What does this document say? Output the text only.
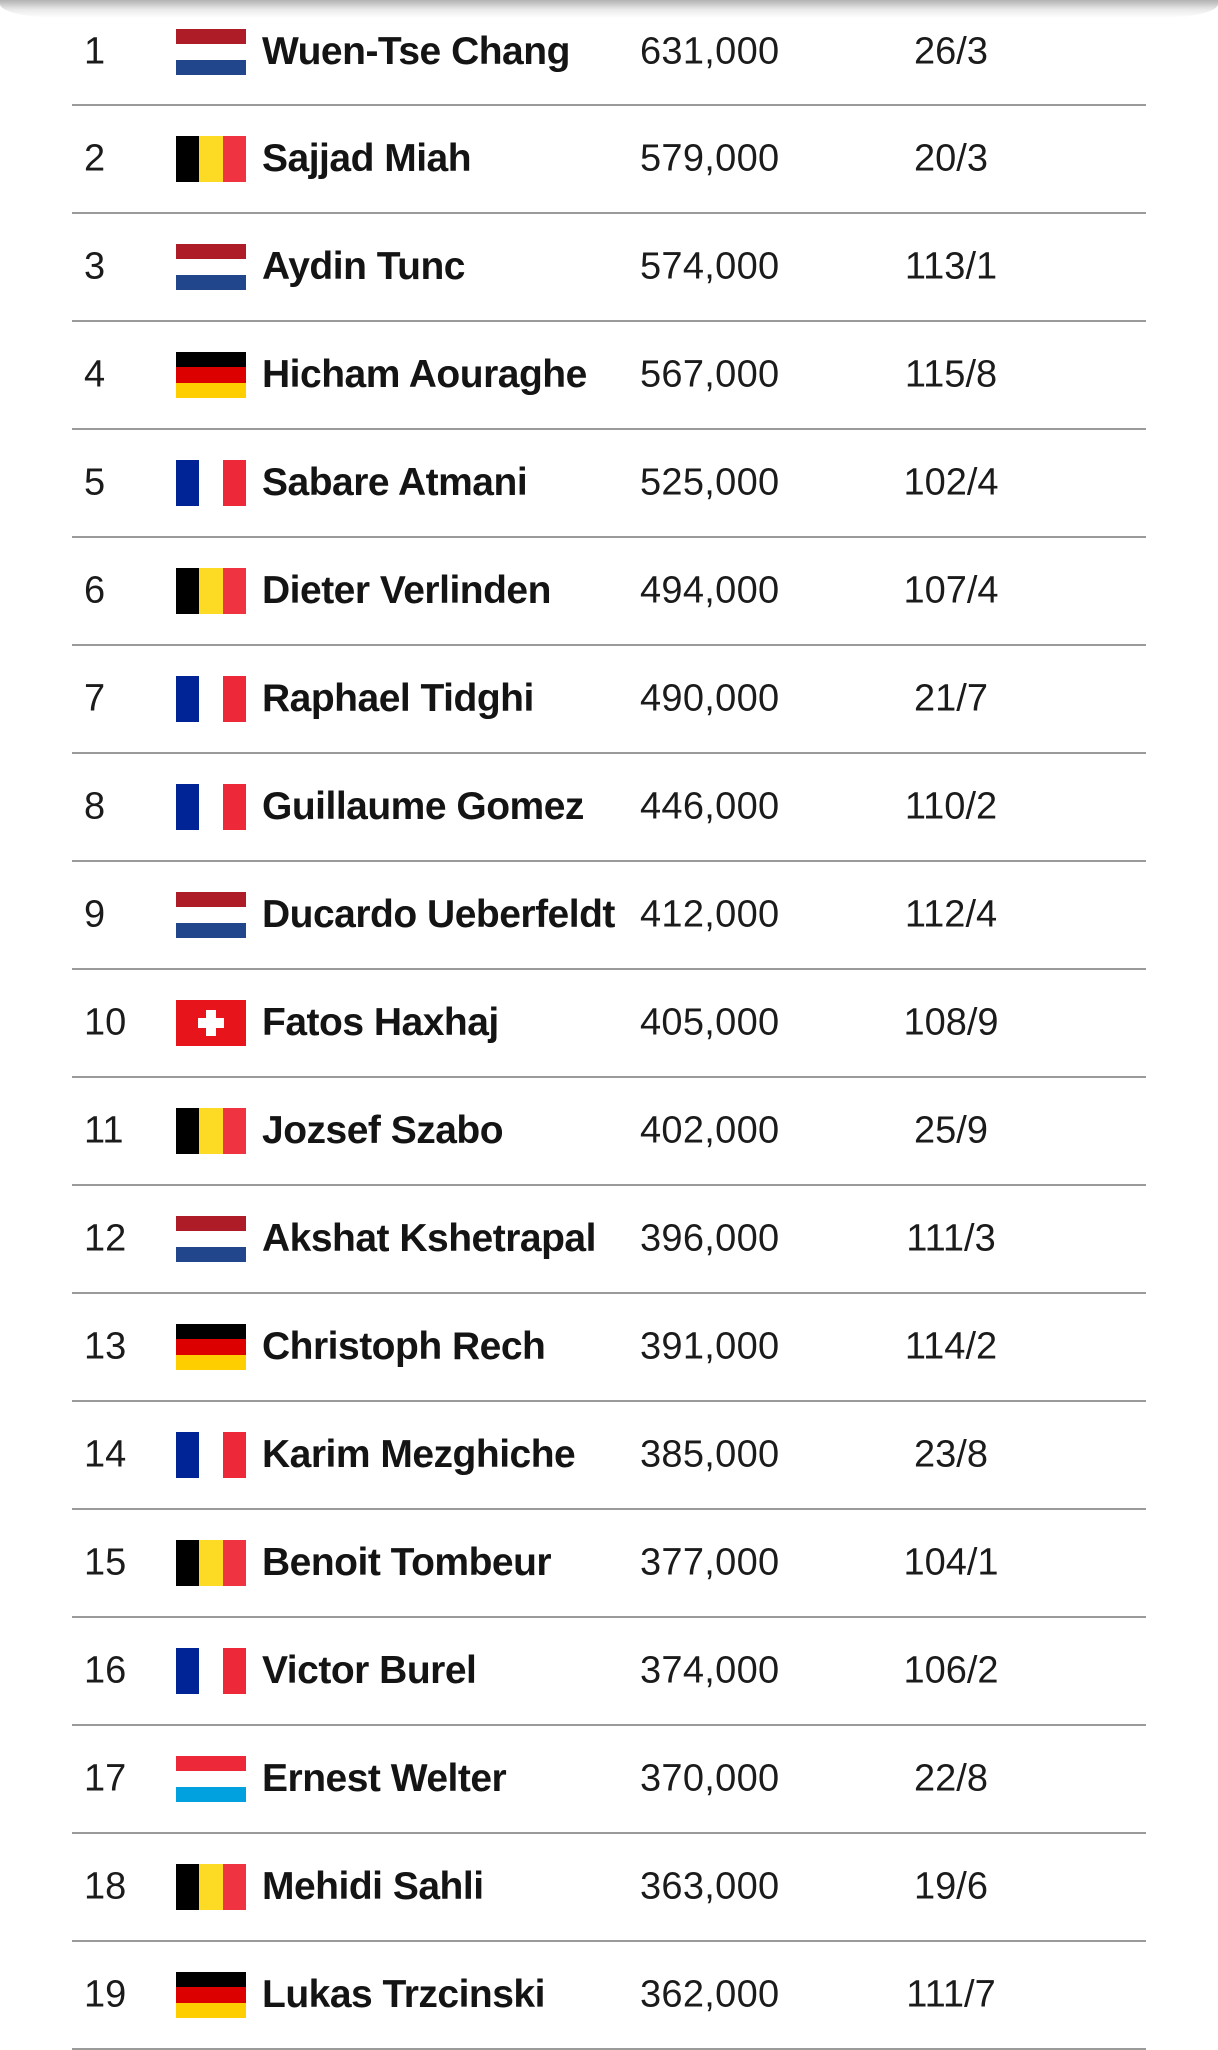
1	Wuen-Tse Chang 631,000	26/3
2	Sajjad Miah	579,000	20/3
3	Aydin Tunc	574,000	113/1
4	Hicham Aouraghe 567,000	115/8
5	Sabare Atmani	525,000	102/4
6	Dieter Verlinden 494,000	107/4
7	Raphael Tidghi	490,000	21/7
8	Guillaume Gomez 446,000	110/2
9	Ducardo Ueberfeldt 412,000	112/4
10	Fatos Haxhaj	405,000	108/9
11	Jozsef Szabo	402,000	25/9
12	Akshat Kshetrapal 396,000	111/3
13	Christoph Rech 391,000	114/2
14	Karim Mezghiche 385,000	23/8
15	Benoit Tombeur 377,000	104/1
16	Victor Burel	374,000	106/2
17	Ernest Welter	370,000	22/8
18	Mehidi Sahli	363,000	19/6
19	Lukas Trzcinski	362,000	111/7
